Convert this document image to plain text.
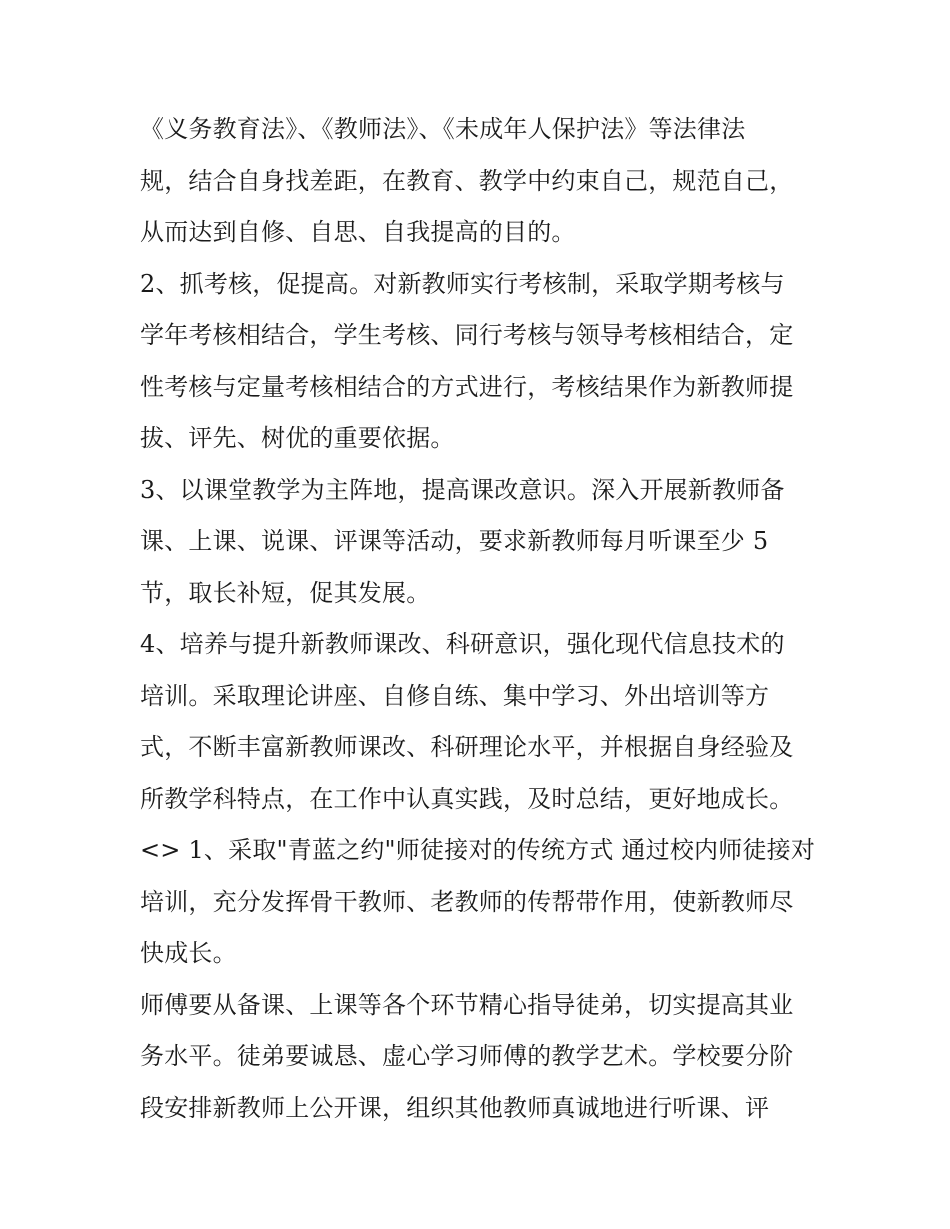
《义务教育法》、《教师法》、《未成年人保护法》等法律法
规，结合自身找差距，在教育、教学中约束自己，规范自己，
从而达到自修、自思、自我提高的目的。
2、抓考核，促提高。对新教师实行考核制，采取学期考核与
学年考核相结合，学生考核、同行考核与领导考核相结合，定
性考核与定量考核相结合的方式进行，考核结果作为新教师提
拔、评先、树优的重要依据。
3、以课堂教学为主阵地，提高课改意识。深入开展新教师备
课、上课、说课、评课等活动，要求新教师每月听课至少 5
节，取长补短，促其发展。
4、培养与提升新教师课改、科研意识，强化现代信息技术的
培训。采取理论讲座、自修自练、集中学习、外出培训等方
式，不断丰富新教师课改、科研理论水平，并根据自身经验及
所教学科特点，在工作中认真实践，及时总结，更好地成长。
<> 1、采取"青蓝之约"师徒接对的传统方式 通过校内师徒接对
培训，充分发挥骨干教师、老教师的传帮带作用，使新教师尽
快成长。
师傅要从备课、上课等各个环节精心指导徒弟，切实提高其业
务水平。徒弟要诚恳、虚心学习师傅的教学艺术。学校要分阶
段安排新教师上公开课，组织其他教师真诚地进行听课、评
